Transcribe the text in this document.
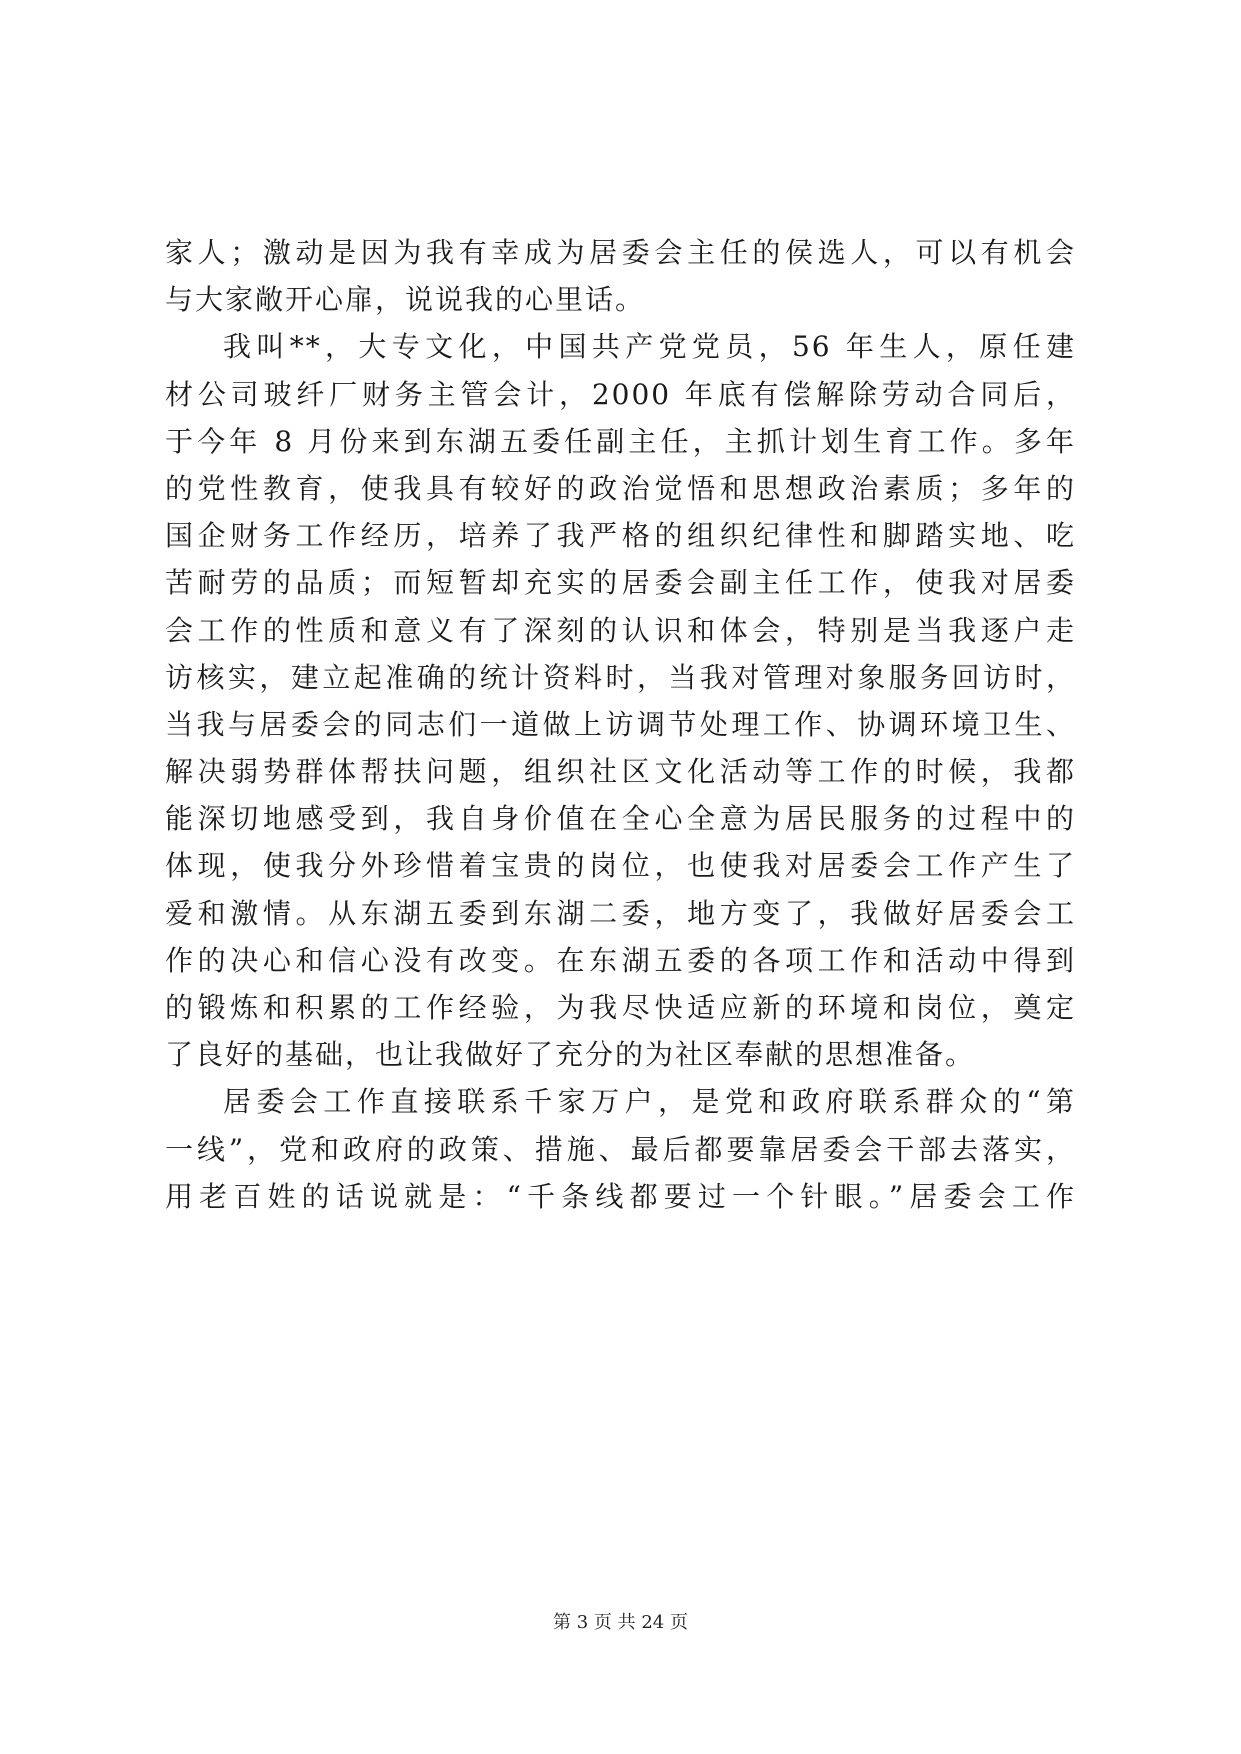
家人；激动是因为我有幸成为居委会主任的侯选人，可以有机会
与大家敞开心扉，说说我的心里话。
我叫**，大专文化，中国共产党党员，56 年生人，原任建
材公司玻纤厂财务主管会计，2000 年底有偿解除劳动合同后，
于今年 8 月份来到东湖五委任副主任，主抓计划生育工作。多年
的党性教育，使我具有较好的政治觉悟和思想政治素质；多年的
国企财务工作经历，培养了我严格的组织纪律性和脚踏实地、吃
苦耐劳的品质；而短暂却充实的居委会副主任工作，使我对居委
会工作的性质和意义有了深刻的认识和体会，特别是当我逐户走
访核实，建立起准确的统计资料时，当我对管理对象服务回访时，
当我与居委会的同志们一道做上访调节处理工作、协调环境卫生、
解决弱势群体帮扶问题，组织社区文化活动等工作的时候，我都
能深切地感受到，我自身价值在全心全意为居民服务的过程中的
体现，使我分外珍惜着宝贵的岗位，也使我对居委会工作产生了
爱和激情。从东湖五委到东湖二委，地方变了，我做好居委会工
作的决心和信心没有改变。在东湖五委的各项工作和活动中得到
的锻炼和积累的工作经验，为我尽快适应新的环境和岗位，奠定
了良好的基础，也让我做好了充分的为社区奉献的思想准备。
居委会工作直接联系千家万户，是党和政府联系群众的“第
一线”，党和政府的政策、措施、最后都要靠居委会干部去落实，
用老百姓的话说就是：“千条线都要过一个针眼。”居委会工作
第 3 页 共 24 页
